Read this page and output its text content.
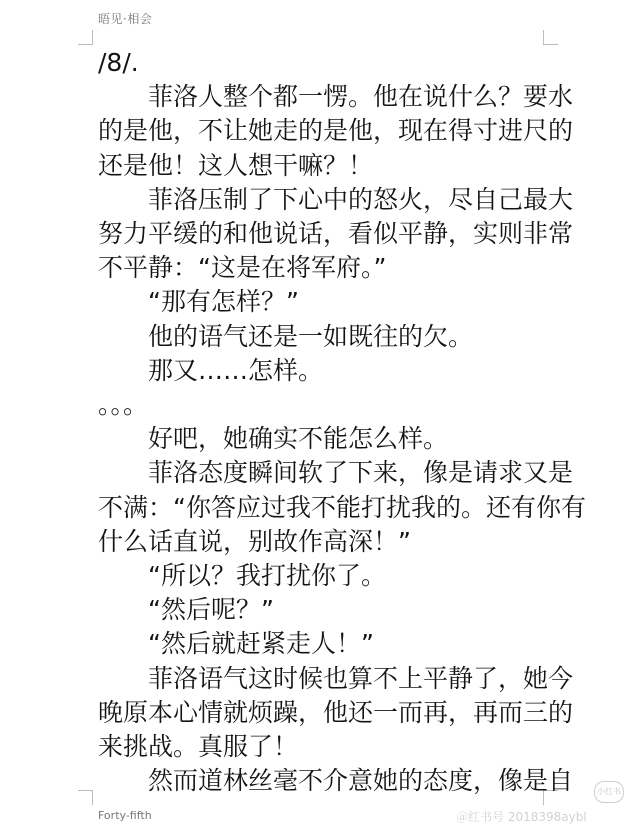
晤见·相会

/8/.

菲洛人整个都一愣。他在说什么？要水

的是他，不让她走的是他，现在得寸进尺的

还是他！这人想干嘛？！

菲洛压制了下心中的怒火，尽自己最大

努力平缓的和他说话，看似平静，实则非常

不平静：“这是在将军府。”

“那有怎样？”

他的语气还是一如既往的欠。

那又……怎样。

。。。

好吧，她确实不能怎么样。

菲洛态度瞬间软了下来，像是请求又是

不满：“你答应过我不能打扰我的。还有你有

什么话直说，别故作高深！”

“所以？我打扰你了。

“然后呢？”

“然后就赶紧走人！”

菲洛语气这时候也算不上平静了，她今

晚原本心情就烦躁，他还一而再，再而三的

来挑战。真服了！

然而道林丝毫不介意她的态度，像是自

Forty-fifth
小红书
＠红书号 2018398aybl
